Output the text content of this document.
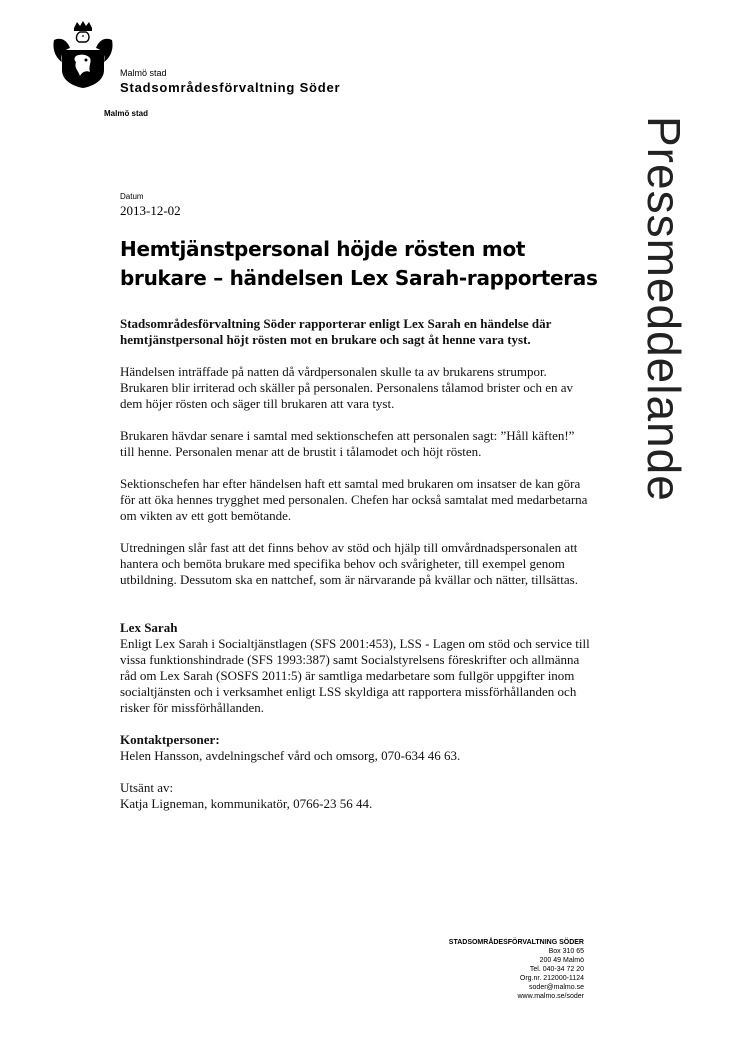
Malmö stad
Malmö stad
Stadsområdesförvaltning Söder
Pressmeddelande
Datum
2013-12-02
Hemtjänstpersonal höjde rösten mot brukare – händelsen Lex Sarah-rapporteras

Stadsområdesförvaltning Söder rapporterar enligt Lex Sarah en händelse där hemtjänstpersonal höjt rösten mot en brukare och sagt åt henne vara tyst.

Händelsen inträffade på natten då vårdpersonalen skulle ta av brukarens strumpor. Brukaren blir irriterad och skäller på personalen. Personalens tålamod brister och en av dem höjer rösten och säger till brukaren att vara tyst.

Brukaren hävdar senare i samtal med sektionschefen att personalen sagt: ”Håll käften!” till henne. Personalen menar att de brustit i tålamodet och höjt rösten.

Sektionschefen har efter händelsen haft ett samtal med brukaren om insatser de kan göra för att öka hennes trygghet med personalen. Chefen har också samtalat med medarbetarna om vikten av ett gott bemötande.

Utredningen slår fast att det finns behov av stöd och hjälp till omvårdnadspersonalen att hantera och bemöta brukare med specifika behov och svårigheter, till exempel genom utbildning. Dessutom ska en nattchef, som är närvarande på kvällar och nätter, tillsättas.

Lex Sarah

Enligt Lex Sarah i Socialtjänstlagen (SFS 2001:453), LSS - Lagen om stöd och service till vissa funktionshindrade (SFS 1993:387) samt Socialstyrelsens föreskrifter och allmänna råd om Lex Sarah (SOSFS 2011:5) är samtliga medarbetare som fullgör uppgifter inom socialtjänsten och i verksamhet enligt LSS skyldiga att rapportera missförhållanden och risker för missförhållanden.

Kontaktpersoner:

Helen Hansson, avdelningschef vård och omsorg, 070-634 46 63.

Utsänt av:

Katja Ligneman, kommunikatör, 0766-23 56 44.

STADSOMRÅDESFÖRVALTNING SÖDER
Box 310 65
200 49 Malmö
Tel. 040-34 72 20
Org.nr. 212000-1124
soder@malmo.se
www.malmo.se/soder
